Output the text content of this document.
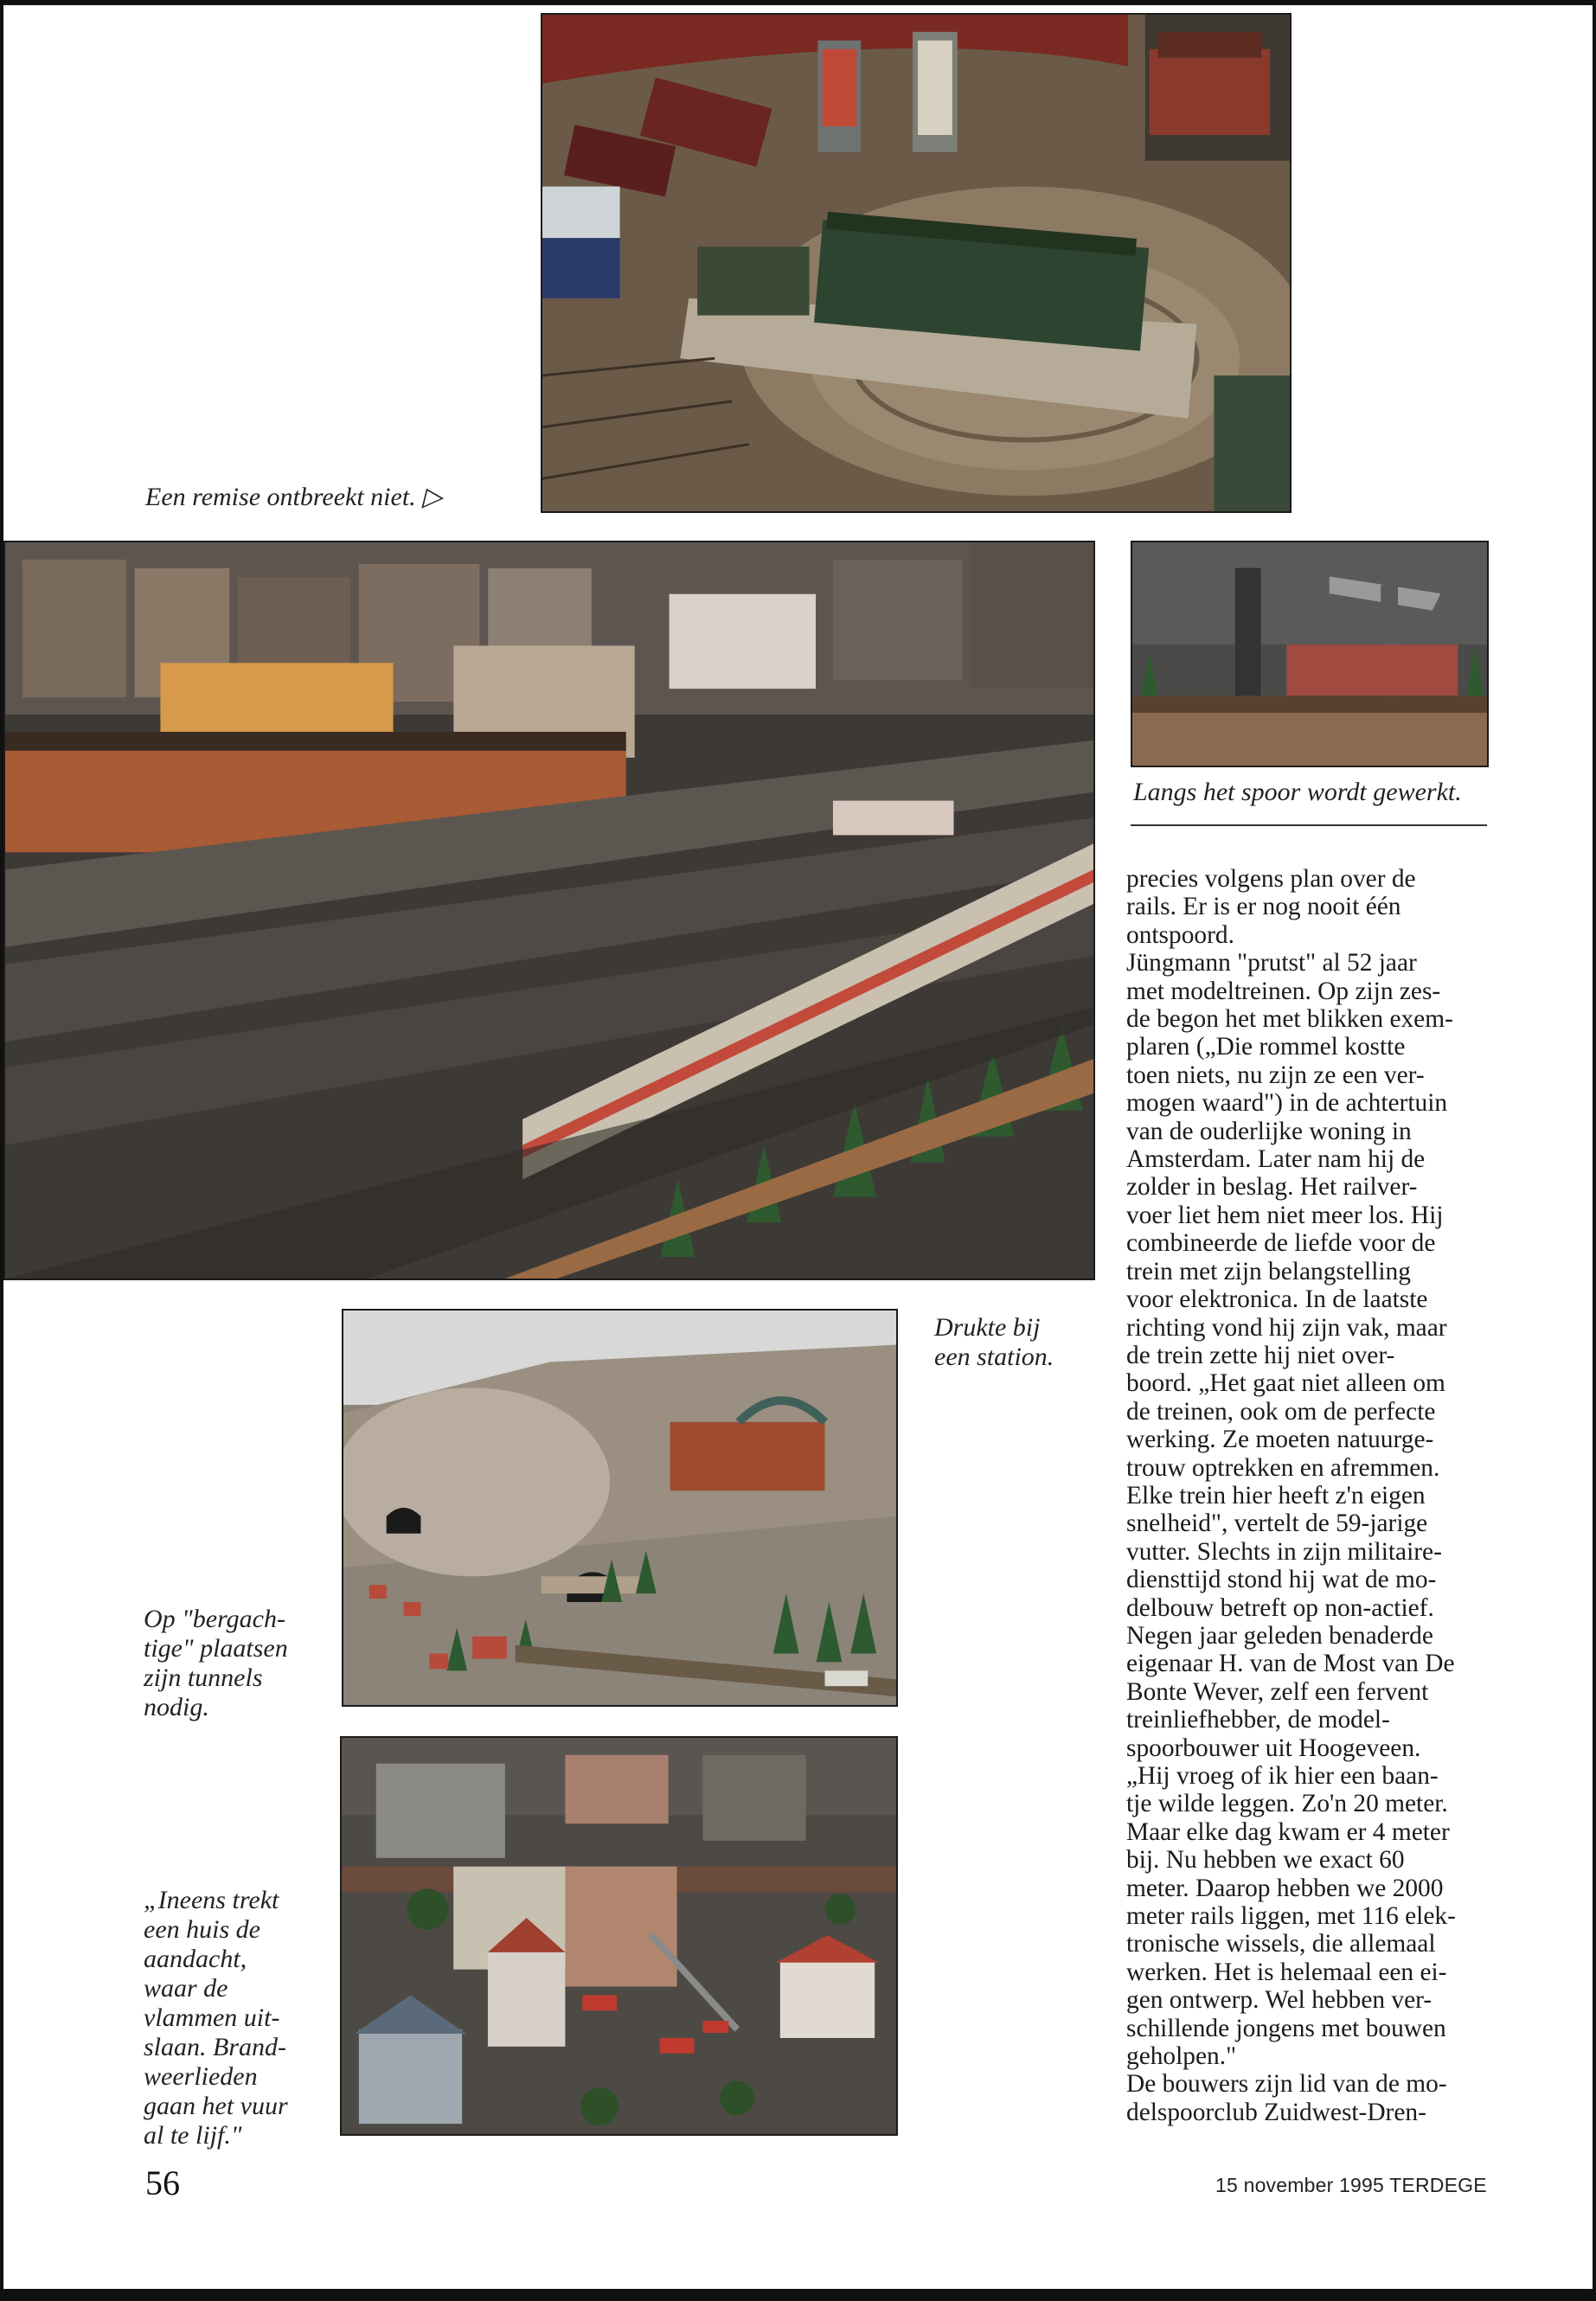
Een remise ontbreekt niet. ▷
Langs het spoor wordt gewerkt.
Drukte bij
een station.
Op "bergach-
tige" plaatsen
zijn tunnels
nodig.
„Ineens trekt
een huis de
aandacht,
waar de
vlammen uit-
slaan. Brand-
weerlieden
gaan het vuur
al te lijf."

precies volgens plan over de

rails. Er is er nog nooit één

ontspoord.

Jüngmann "prutst" al 52 jaar

met modeltreinen. Op zijn zes-

de begon het met blikken exem-

plaren („Die rommel kostte

toen niets, nu zijn ze een ver-

mogen waard") in de achtertuin

van de ouderlijke woning in

Amsterdam. Later nam hij de

zolder in beslag. Het railver-

voer liet hem niet meer los. Hij

combineerde de liefde voor de

trein met zijn belangstelling

voor elektronica. In de laatste

richting vond hij zijn vak, maar

de trein zette hij niet over-

boord. „Het gaat niet alleen om

de treinen, ook om de perfecte

werking. Ze moeten natuurge-

trouw optrekken en afremmen.

Elke trein hier heeft z'n eigen

snelheid", vertelt de 59-jarige

vutter. Slechts in zijn militaire-

diensttijd stond hij wat de mo-

delbouw betreft op non-actief.

Negen jaar geleden benaderde

eigenaar H. van de Most van De

Bonte Wever, zelf een fervent

treinliefhebber, de model-

spoorbouwer uit Hoogeveen.

„Hij vroeg of ik hier een baan-

tje wilde leggen. Zo'n 20 meter.

Maar elke dag kwam er 4 meter

bij. Nu hebben we exact 60

meter. Daarop hebben we 2000

meter rails liggen, met 116 elek-

tronische wissels, die allemaal

werken. Het is helemaal een ei-

gen ontwerp. Wel hebben ver-

schillende jongens met bouwen

geholpen."

De bouwers zijn lid van de mo-

delspoorclub Zuidwest-Dren-

56	15 november 1995 TERDEGE
